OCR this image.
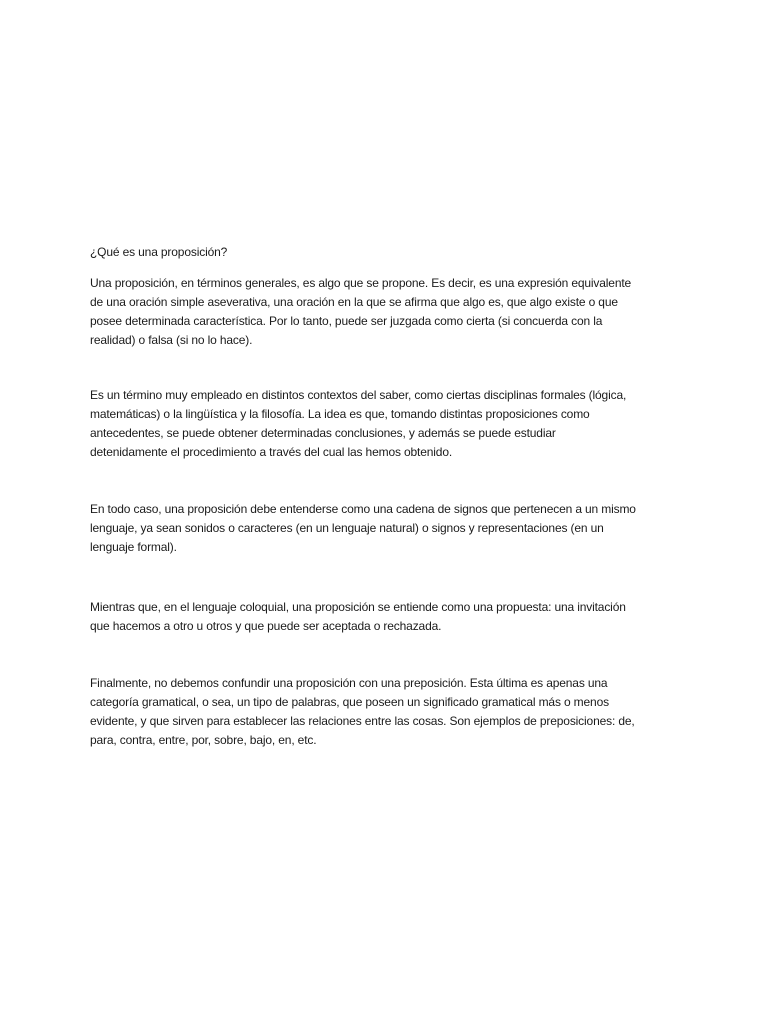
¿Qué es una proposición?
Una proposición, en términos generales, es algo que se propone. Es decir, es una expresión equivalente
de una oración simple aseverativa, una oración en la que se afirma que algo es, que algo existe o que
posee determinada característica. Por lo tanto, puede ser juzgada como cierta (si concuerda con la
realidad) o falsa (si no lo hace).
Es un término muy empleado en distintos contextos del saber, como ciertas disciplinas formales (lógica,
matemáticas) o la lingüística y la filosofía. La idea es que, tomando distintas proposiciones como
antecedentes, se puede obtener determinadas conclusiones, y además se puede estudiar
detenidamente el procedimiento a través del cual las hemos obtenido.
En todo caso, una proposición debe entenderse como una cadena de signos que pertenecen a un mismo
lenguaje, ya sean sonidos o caracteres (en un lenguaje natural) o signos y representaciones (en un
lenguaje formal).
Mientras que, en el lenguaje coloquial, una proposición se entiende como una propuesta: una invitación
que hacemos a otro u otros y que puede ser aceptada o rechazada.
Finalmente, no debemos confundir una proposición con una preposición. Esta última es apenas una
categoría gramatical, o sea, un tipo de palabras, que poseen un significado gramatical más o menos
evidente, y que sirven para establecer las relaciones entre las cosas. Son ejemplos de preposiciones: de,
para, contra, entre, por, sobre, bajo, en, etc.
